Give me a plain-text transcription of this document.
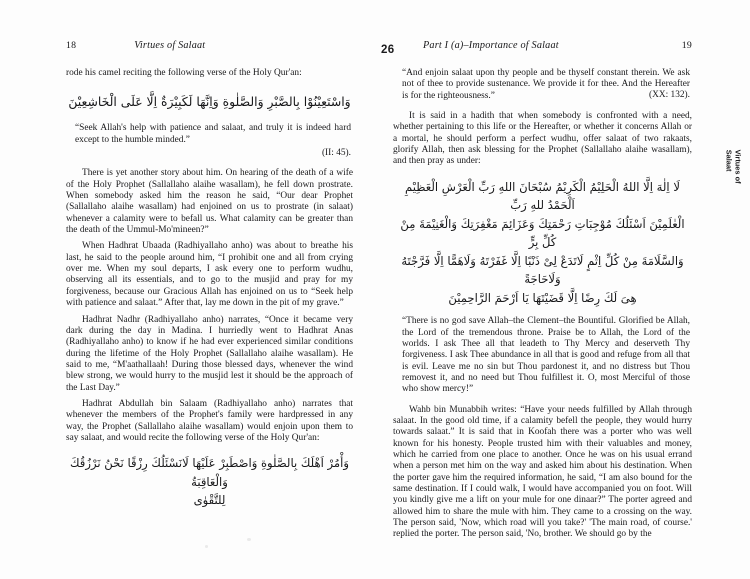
18	Virtues of Salaat

rode his camel reciting the following verse of the Holy Qur'an:

وَاسْتَعِيْنُوْا بِالصَّبْرِ وَالصَّلٰوةِ وَاِنَّهَا لَكَبِيْرَةٌ اِلَّا عَلَى الْخَاشِعِيْنَ
“Seek Allah's help with patience and salaat, and truly it is indeed hard except to the humble minded.”
(II: 45).

There is yet another story about him. On hearing of the death of a wife of the Holy Prophet (Sallallaho alaihe wasallam), he fell down prostrate. When somebody asked him the reason he said, “Our dear Prophet (Sallallaho alaihe wasallam) had enjoined on us to prostrate (in salaat) whenever a calamity were to befall us. What calamity can be greater than the death of the Ummul-Mo'mineen?”

When Hadhrat Ubaada (Radhiyallaho anho) was about to breathe his last, he said to the people around him, “I prohibit one and all from crying over me. When my soul departs, I ask every one to perform wudhu, observing all its essentials, and to go to the musjid and pray for my forgiveness, because our Gracious Allah has enjoined on us to “Seek help with patience and salaat.” After that, lay me down in the pit of my grave.”

Hadhrat Nadhr (Radhiyallaho anho) narrates, “Once it became very dark during the day in Madina. I hurriedly went to Hadhrat Anas (Radhiyallaho anho) to know if he had ever experienced similar conditions during the lifetime of the Holy Prophet (Sallallaho alaihe wasallam). He said to me, “M'aathallaah! During those blessed days, whenever the wind blew strong, we would hurry to the musjid lest it should be the approach of the Last Day.”

Hadhrat Abdullah bin Salaam (Radhiyallaho anho) narrates that whenever the members of the Prophet's family were hardpressed in any way, the Prophet (Sallallaho alaihe wasallam) would enjoin upon them to say salaat, and would recite the following verse of the Holy Qur'an:

وَأْمُرْ اَهْلَكَ بِالصَّلٰوةِ وَاصْطَبِرْ عَلَيْهَا لَانَسْئَلُكَ رِزْقًا نَحْنُ نَرْزُقُكَ وَالْعَاقِبَةُ
لِلتَّقْوٰى
Part I (a)–Importance of Salaat	19
“And enjoin salaat upon thy people and be thyself constant therein. We ask not of thee to provide sustenance. We provide it for thee. And the Hereafter is for the righteousness.”	(XX: 132).

It is said in a hadith that when somebody is confronted with a need, whether pertaining to this life or the Hereafter, or whether it concerns Allah or a mortal, he should perform a perfect wudhu, offer salaat of two rakaats, glorify Allah, then ask blessing for the Prophet (Sallallaho alaihe wasallam), and then pray as under:

لَا اِلٰهَ اِلَّا اللهُ الْحَلِيْمُ الْكَرِيْمُ سُبْحَانَ اللهِ رَبِّ الْعَرْشِ الْعَظِيْمِ اَلْحَمْدُ للهِ رَبِّ
الْعٰلَمِيْنَ اَسْئَلُكَ مُوْجِبَاتِ رَحْمَتِكَ وَعَزَائِمَ مَغْفِرَتِكَ وَالْغَنِيْمَةَ مِنْ كُلِّ بِرٍّ
وَالسَّلَامَةَ مِنْ كُلِّ اِثْمٍ لَاتَدَعْ لِىْ ذَنْبًا اِلَّا غَفَرْتَهُ وَلَاهَمًّا اِلَّا فَرَّجْتَهُ وَلَاحَاجَةً
هِىَ لَكَ رِضًا اِلَّا قَضَيْتَهَا يَا اَرْحَمَ الرَّاحِمِيْنَ

“There is no god save Allah–the Clement–the Bountiful. Glorified be Allah, the Lord of the tremendous throne. Praise be to Allah, the Lord of the worlds. I ask Thee all that leadeth to Thy Mercy and deserveth Thy forgiveness. I ask Thee abundance in all that is good and refuge from all that is evil. Leave me no sin but Thou pardonest it, and no distress but Thou removest it, and no need but Thou fulfillest it. O, most Merciful of those who show mercy!”

Wahb bin Munabbih writes: “Have your needs fulfilled by Allah through salaat. In the good old time, if a calamity befell the people, they would hurry towards salaat.” It is said that in Koofah there was a porter who was well known for his honesty. People trusted him with their valuables and money, which he carried from one place to another. Once he was on his usual errand when a person met him on the way and asked him about his destination. When the porter gave him the required information, he said, “I am also bound for the same destination. If I could walk, I would have accompanied you on foot. Will you kindly give me a lift on your mule for one dinaar?” The porter agreed and allowed him to share the mule with him. They came to a crossing on the way. The person said, 'Now, which road will you take?' 'The main road, of course.' replied the porter. The person said, 'No, brother. We should go by the

26
Virtues of
Salaat
